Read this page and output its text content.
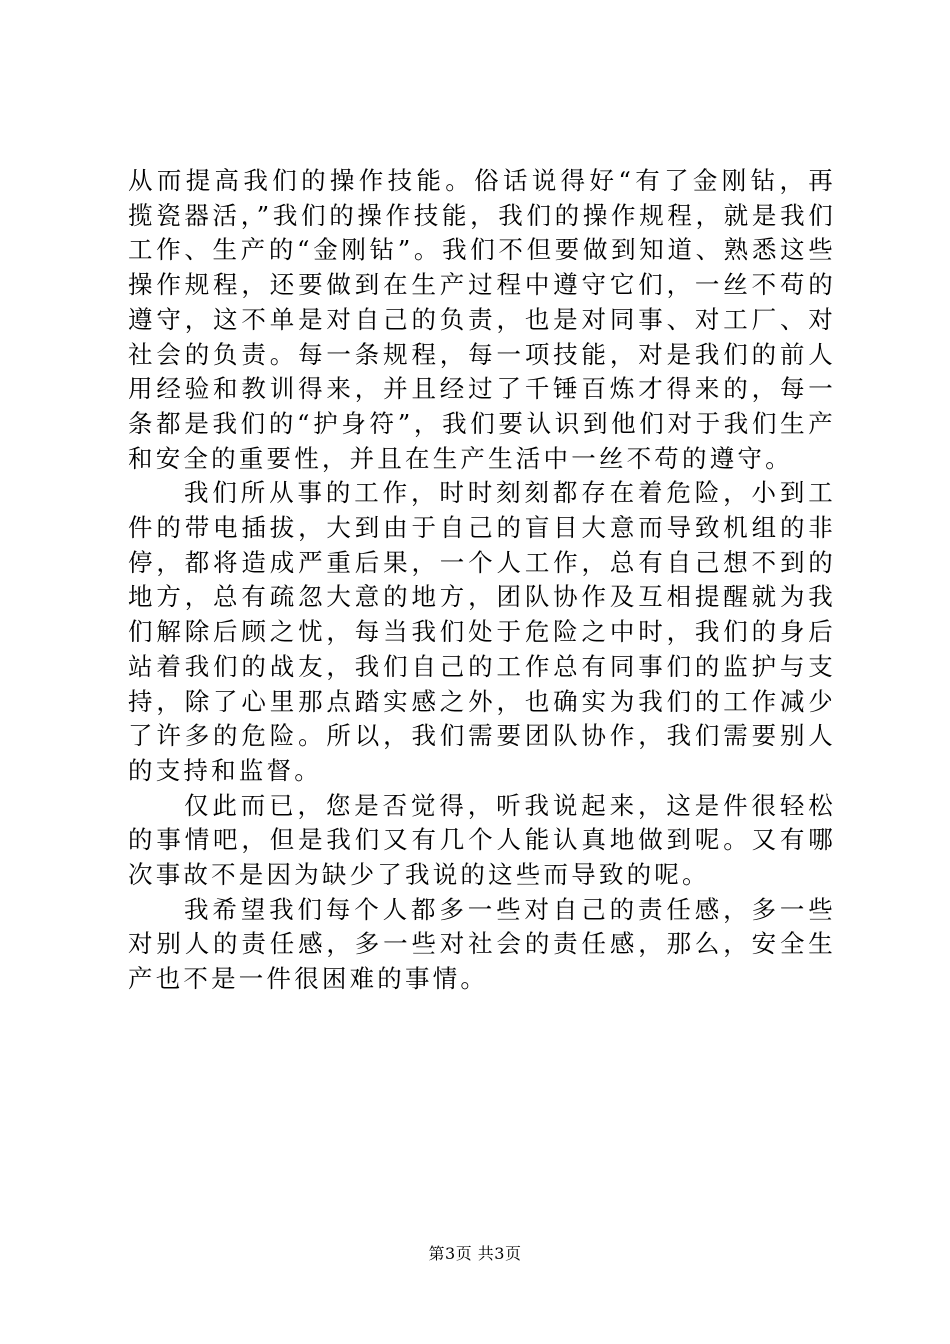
从而提高我们的操作技能。俗话说得好“有了金刚钻，再揽瓷器活，”我们的操作技能，我们的操作规程，就是我们工作、生产的“金刚钻”。我们不但要做到知道、熟悉这些操作规程，还要做到在生产过程中遵守它们，一丝不苟的遵守，这不单是对自己的负责，也是对同事、对工厂、对社会的负责。每一条规程，每一项技能，对是我们的前人用经验和教训得来，并且经过了千锤百炼才得来的，每一条都是我们的“护身符”，我们要认识到他们对于我们生产和安全的重要性，并且在生产生活中一丝不苟的遵守。

我们所从事的工作，时时刻刻都存在着危险，小到工件的带电插拔，大到由于自己的盲目大意而导致机组的非停，都将造成严重后果，一个人工作，总有自己想不到的地方，总有疏忽大意的地方，团队协作及互相提醒就为我们解除后顾之忧，每当我们处于危险之中时，我们的身后站着我们的战友，我们自己的工作总有同事们的监护与支持，除了心里那点踏实感之外，也确实为我们的工作减少了许多的危险。所以，我们需要团队协作，我们需要别人的支持和监督。

仅此而已，您是否觉得，听我说起来，这是件很轻松的事情吧，但是我们又有几个人能认真地做到呢。又有哪次事故不是因为缺少了我说的这些而导致的呢。

我希望我们每个人都多一些对自己的责任感，多一些对别人的责任感，多一些对社会的责任感，那么，安全生产也不是一件很困难的事情。

第3页 共3页
